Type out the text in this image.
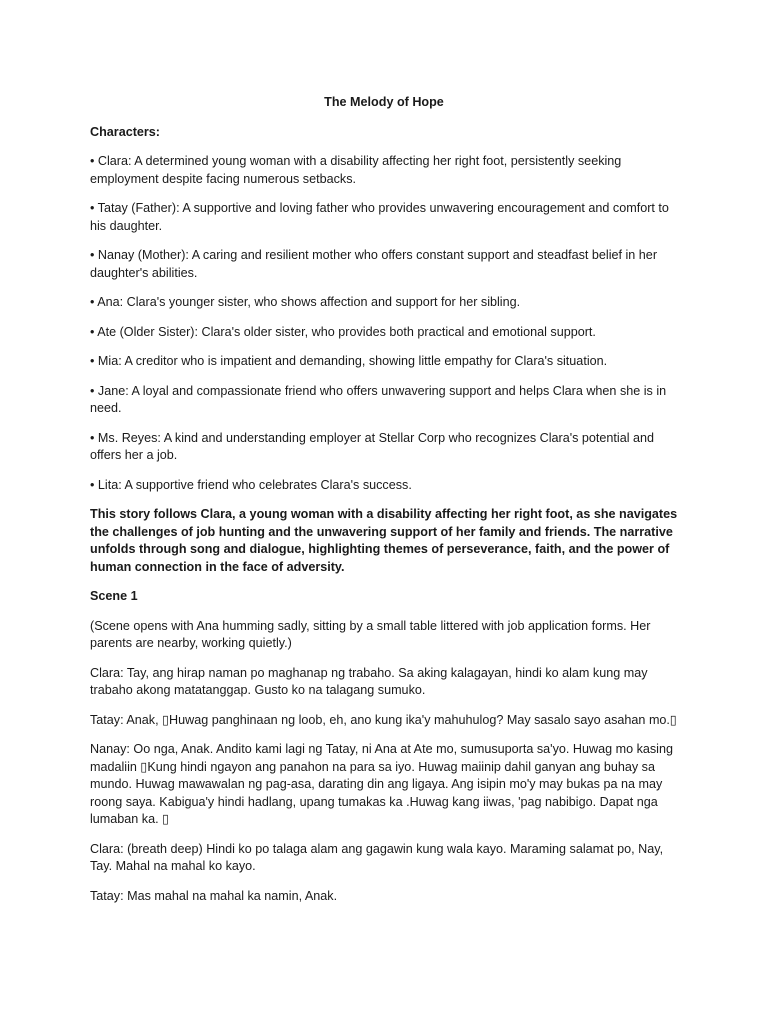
The Melody of Hope
Characters:
• Clara: A determined young woman with a disability affecting her right foot, persistently seeking employment despite facing numerous setbacks.
• Tatay (Father): A supportive and loving father who provides unwavering encouragement and comfort to his daughter.
• Nanay (Mother): A caring and resilient mother who offers constant support and steadfast belief in her daughter's abilities.
• Ana: Clara's younger sister, who shows affection and support for her sibling.
• Ate (Older Sister): Clara's older sister, who provides both practical and emotional support.
• Mia: A creditor who is impatient and demanding, showing little empathy for Clara's situation.
• Jane: A loyal and compassionate friend who offers unwavering support and helps Clara when she is in need.
• Ms. Reyes: A kind and understanding employer at Stellar Corp who recognizes Clara's potential and offers her a job.
• Lita: A supportive friend who celebrates Clara's success.
This story follows Clara, a young woman with a disability affecting her right foot, as she navigates the challenges of job hunting and the unwavering support of her family and friends. The narrative unfolds through song and dialogue, highlighting themes of perseverance, faith, and the power of human connection in the face of adversity.
Scene 1
(Scene opens with Ana humming sadly, sitting by a small table littered with job application forms. Her parents are nearby, working quietly.)
Clara: Tay, ang hirap naman po maghanap ng trabaho. Sa aking kalagayan, hindi ko alam kung may trabaho akong matatanggap. Gusto ko na talagang sumuko.
Tatay: Anak, ▯Huwag panghinaan ng loob, eh, ano kung ika'y mahuhulog? May sasalo sayo asahan mo.▯
Nanay: Oo nga, Anak. Andito kami lagi ng Tatay, ni Ana at Ate mo, sumusuporta sa'yo. Huwag mo kasing madaliin ▯Kung hindi ngayon ang panahon na para sa iyo. Huwag maiinip dahil ganyan ang buhay sa mundo. Huwag mawawalan ng pag-asa, darating din ang ligaya. Ang isipin mo'y may bukas pa na may roong saya. Kabigua'y hindi hadlang, upang tumakas ka .Huwag kang iiwas, 'pag nabibigo. Dapat nga lumaban ka. ▯
Clara: (breath deep) Hindi ko po talaga alam ang gagawin kung wala kayo. Maraming salamat po, Nay, Tay. Mahal na mahal ko kayo.
Tatay: Mas mahal na mahal ka namin, Anak.
